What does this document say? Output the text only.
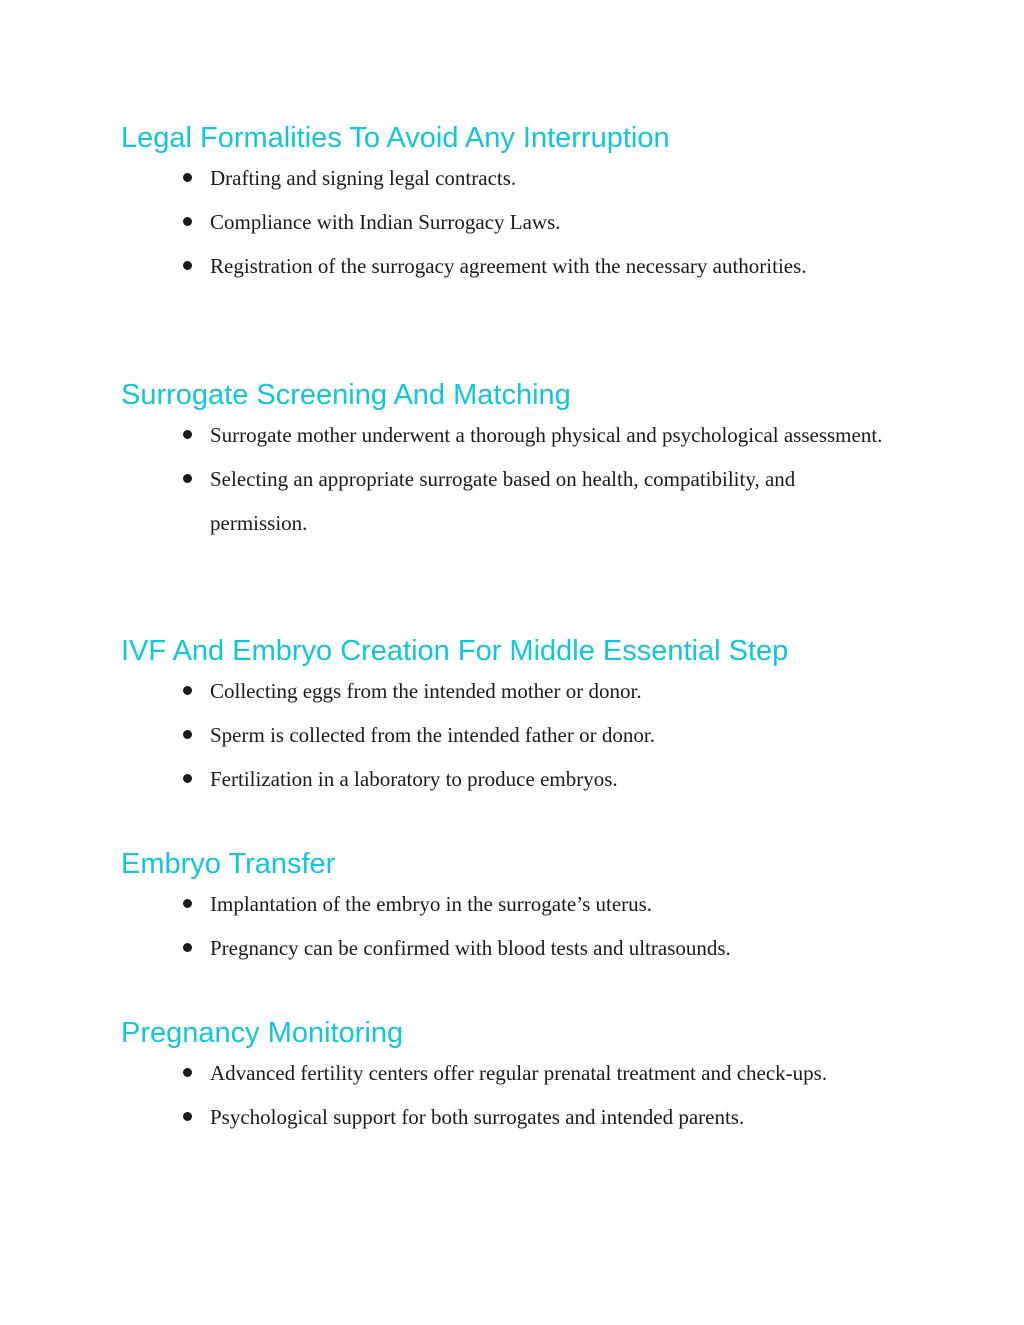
Legal Formalities To Avoid Any Interruption
Drafting and signing legal contracts.
Compliance with Indian Surrogacy Laws.
Registration of the surrogacy agreement with the necessary authorities.
Surrogate Screening And Matching
Surrogate mother underwent a thorough physical and psychological assessment.
Selecting an appropriate surrogate based on health, compatibility, and permission.
IVF And Embryo Creation For Middle Essential Step
Collecting eggs from the intended mother or donor.
Sperm is collected from the intended father or donor.
Fertilization in a laboratory to produce embryos.
Embryo Transfer
Implantation of the embryo in the surrogate’s uterus.
Pregnancy can be confirmed with blood tests and ultrasounds.
Pregnancy Monitoring
Advanced fertility centers offer regular prenatal treatment and check-ups.
Psychological support for both surrogates and intended parents.
